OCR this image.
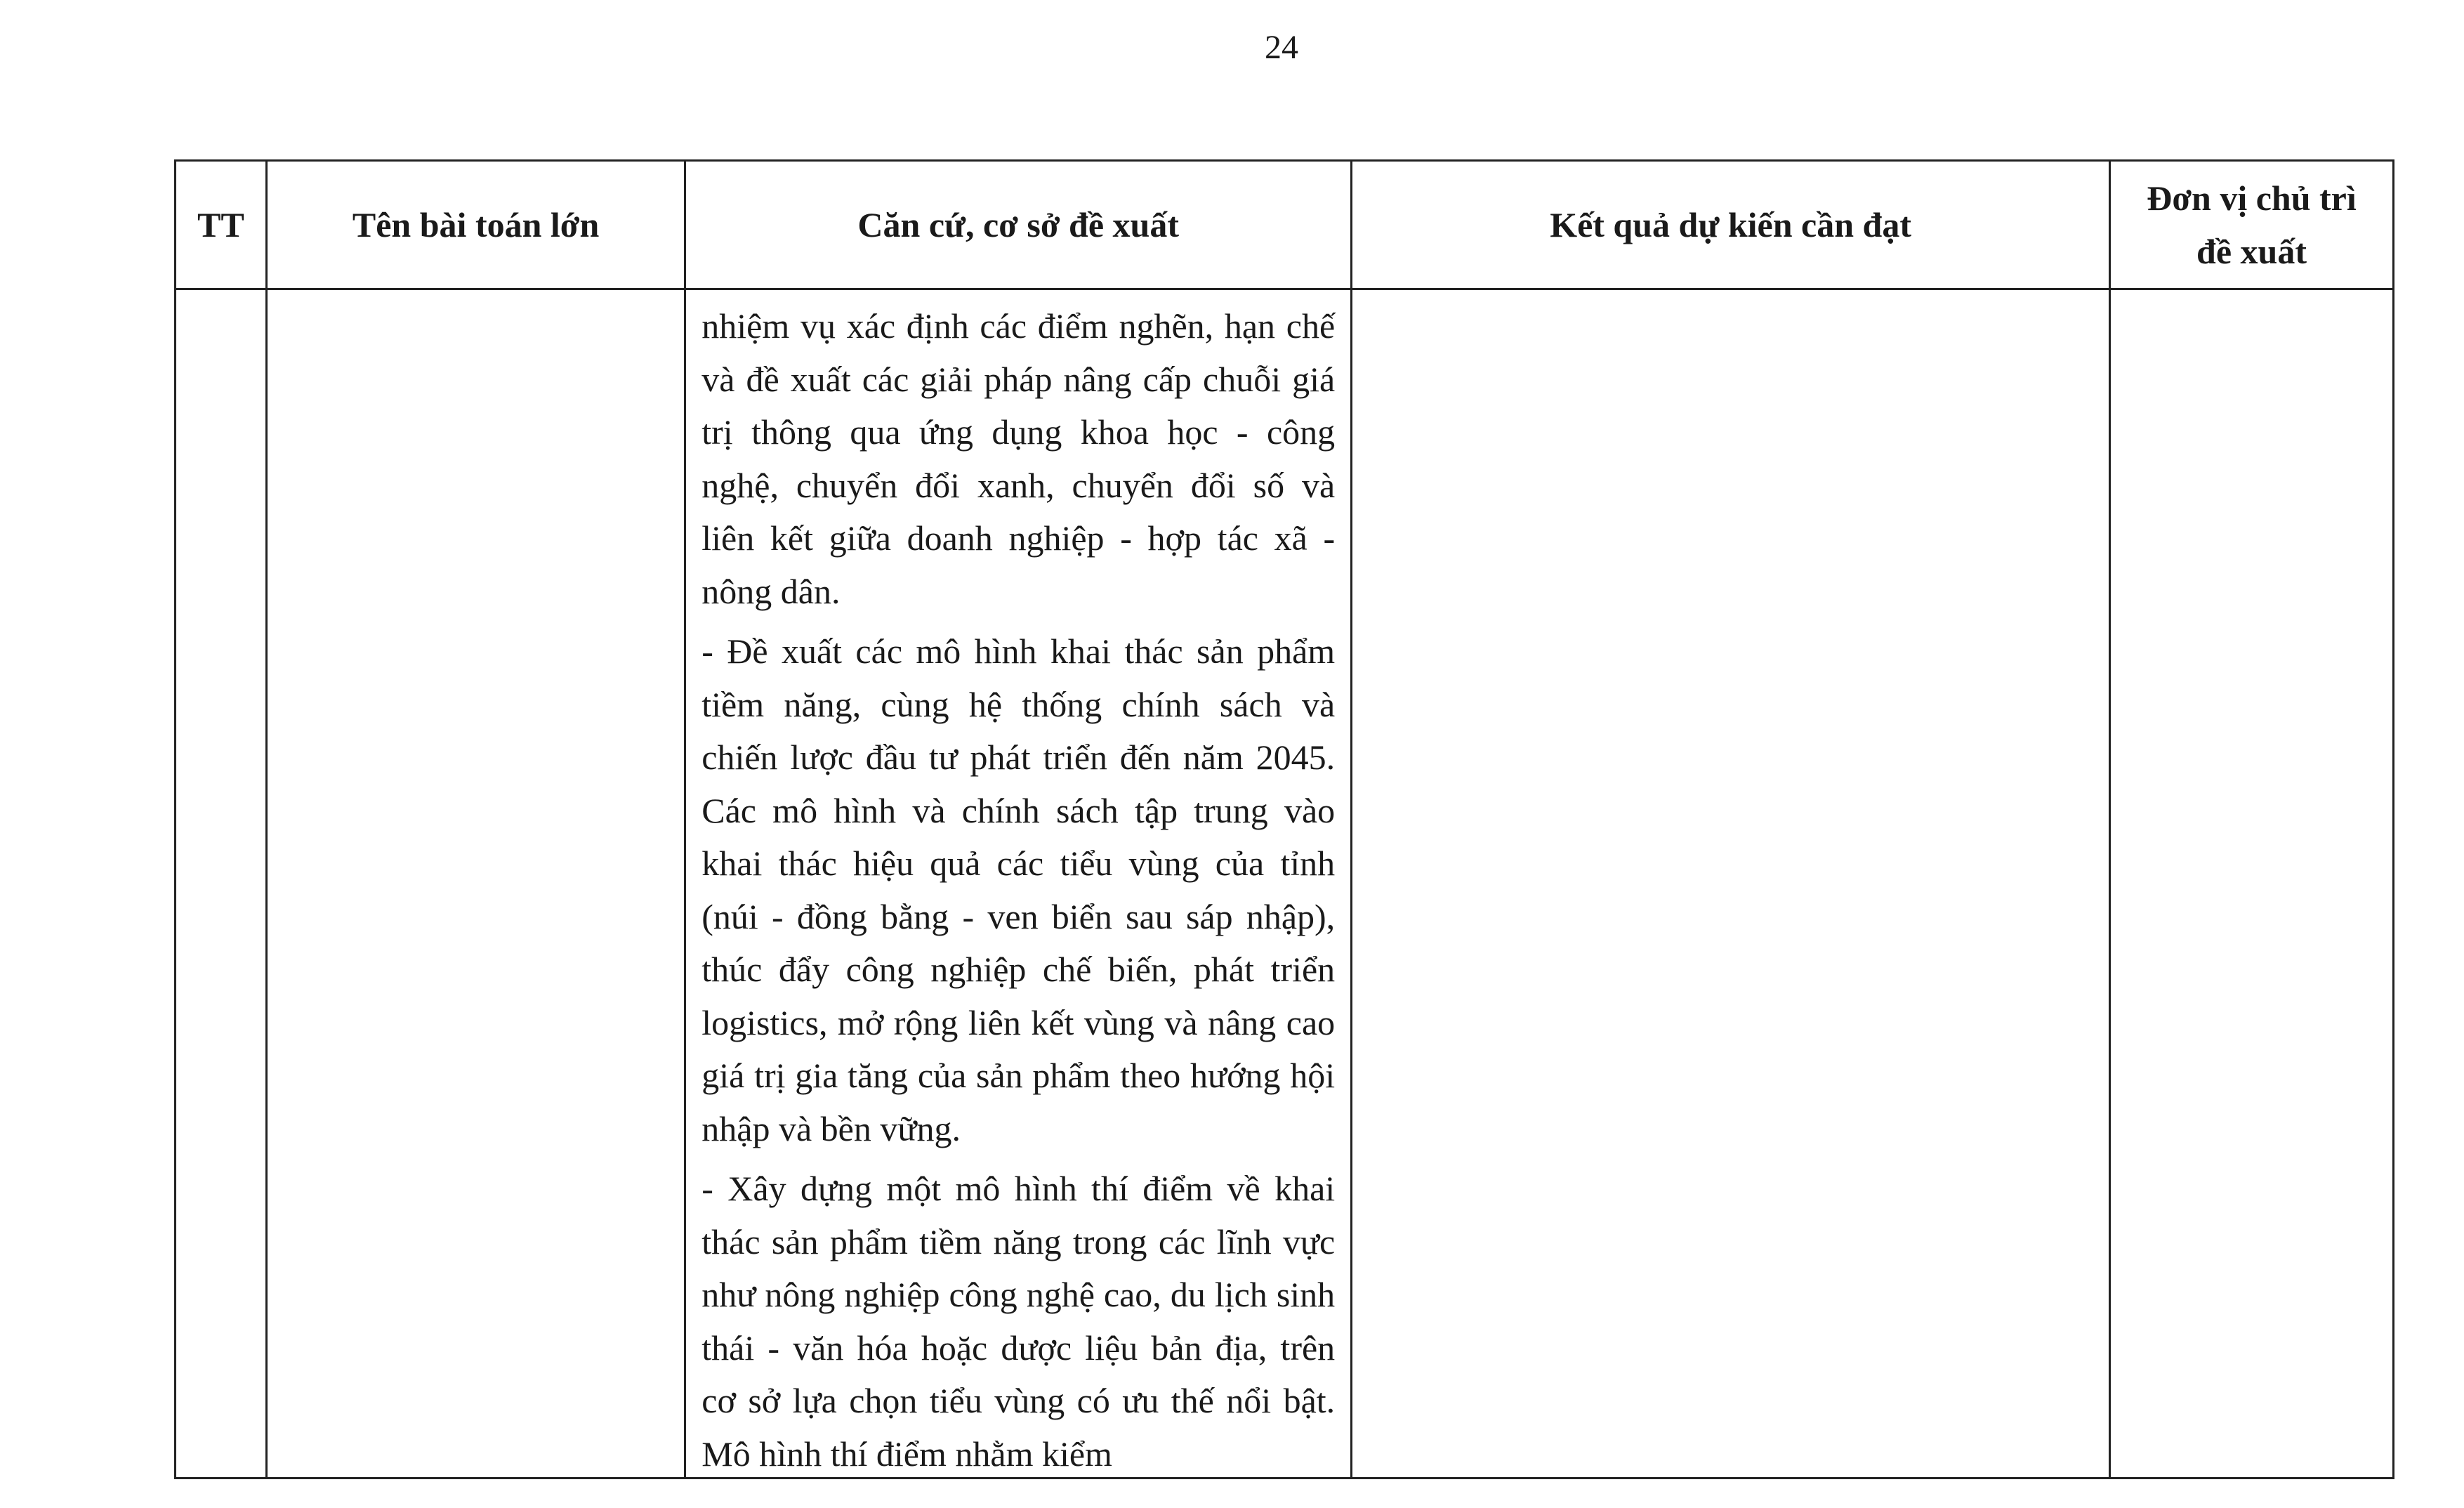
24
TT	Tên bài toán lớn	Căn cứ, cơ sở đề xuất	Kết quả dự kiến cần đạt	Đơn vị chủ trì
đề xuất

		nhiệm vụ xác định các điểm nghẽn, hạn chế và đề xuất các giải pháp nâng cấp chuỗi giá trị thông qua ứng dụng khoa học - công nghệ, chuyển đổi xanh, chuyển đổi số và liên kết giữa doanh nghiệp - hợp tác xã - nông dân.

- Đề xuất các mô hình khai thác sản phẩm tiềm năng, cùng hệ thống chính sách và chiến lược đầu tư phát triển đến năm 2045. Các mô hình và chính sách tập trung vào khai thác hiệu quả các tiểu vùng của tỉnh (núi - đồng bằng - ven biển sau sáp nhập), thúc đẩy công nghiệp chế biến, phát triển logistics, mở rộng liên kết vùng và nâng cao giá trị gia tăng của sản phẩm theo hướng hội nhập và bền vững.

- Xây dựng một mô hình thí điểm về khai thác sản phẩm tiềm năng trong các lĩnh vực như nông nghiệp công nghệ cao, du lịch sinh thái - văn hóa hoặc dược liệu bản địa, trên cơ sở lựa chọn tiểu vùng có ưu thế nổi bật. Mô hình thí điểm nhằm kiểm		
